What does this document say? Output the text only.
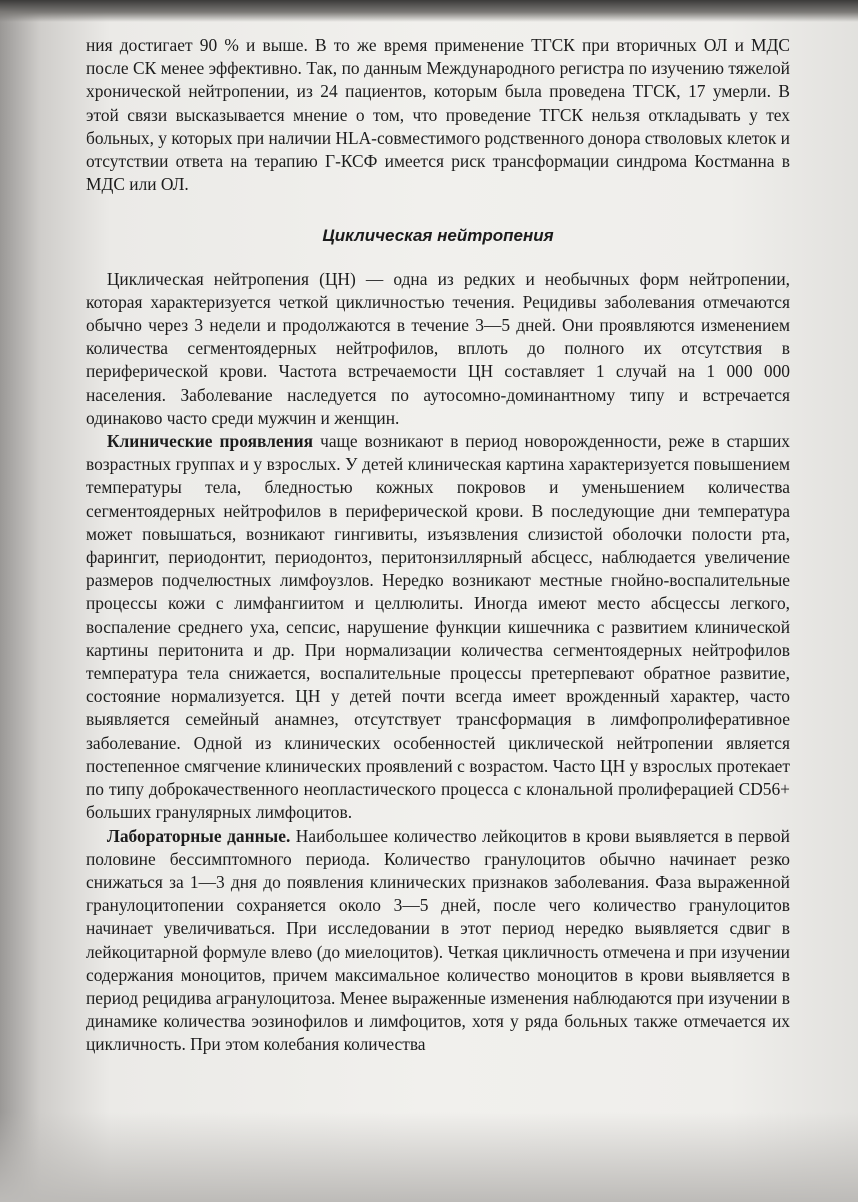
ния достигает 90 % и выше. В то же время применение ТГСК при вторичных ОЛ и МДС после СК менее эффективно. Так, по данным Международного регистра по изучению тяжелой хронической нейтропении, из 24 пациентов, которым была проведена ТГСК, 17 умерли. В этой связи высказывается мнение о том, что проведение ТГСК нельзя откладывать у тех больных, у которых при наличии HLA-совместимого родственного донора стволовых клеток и отсутствии ответа на терапию Г-КСФ имеется риск трансформации синдрома Костманна в МДС или ОЛ.

Циклическая нейтропения

Циклическая нейтропения (ЦН) — одна из редких и необычных форм нейтропении, которая характеризуется четкой цикличностью течения. Рецидивы заболевания отмечаются обычно через 3 недели и продолжаются в течение 3—5 дней. Они проявляются изменением количества сегментоядерных нейтрофилов, вплоть до полного их отсутствия в периферической крови. Частота встречаемости ЦН составляет 1 случай на 1 000 000 населения. Заболевание наследуется по аутосомно-доминантному типу и встречается одинаково часто среди мужчин и женщин.

Клинические проявления чаще возникают в период новорожденности, реже в старших возрастных группах и у взрослых. У детей клиническая картина характеризуется повышением температуры тела, бледностью кожных покровов и уменьшением количества сегментоядерных нейтрофилов в периферической крови. В последующие дни температура может повышаться, возникают гингивиты, изъязвления слизистой оболочки полости рта, фарингит, периодонтит, периодонтоз, перитонзиллярный абсцесс, наблюдается увеличение размеров подчелюстных лимфоузлов. Нередко возникают местные гнойно-воспалительные процессы кожи с лимфангиитом и целлюлиты. Иногда имеют место абсцессы легкого, воспаление среднего уха, сепсис, нарушение функции кишечника с развитием клинической картины перитонита и др. При нормализации количества сегментоядерных нейтрофилов температура тела снижается, воспалительные процессы претерпевают обратное развитие, состояние нормализуется. ЦН у детей почти всегда имеет врожденный характер, часто выявляется семейный анамнез, отсутствует трансформация в лимфопролиферативное заболевание. Одной из клинических особенностей циклической нейтропении является постепенное смягчение клинических проявлений с возрастом. Часто ЦН у взрослых протекает по типу доброкачественного неопластического процесса с клональной пролиферацией CD56+ больших гранулярных лимфоцитов.

Лабораторные данные. Наибольшее количество лейкоцитов в крови выявляется в первой половине бессимптомного периода. Количество гранулоцитов обычно начинает резко снижаться за 1—3 дня до появления клинических признаков заболевания. Фаза выраженной гранулоцитопении сохраняется около 3—5 дней, после чего количество гранулоцитов начинает увеличиваться. При исследовании в этот период нередко выявляется сдвиг в лейкоцитарной формуле влево (до миелоцитов). Четкая цикличность отмечена и при изучении содержания моноцитов, причем максимальное количество моноцитов в крови выявляется в период рецидива агранулоцитоза. Менее выраженные изменения наблюдаются при изучении в динамике количества эозинофилов и лимфоцитов, хотя у ряда больных также отмечается их цикличность. При этом колебания количества
